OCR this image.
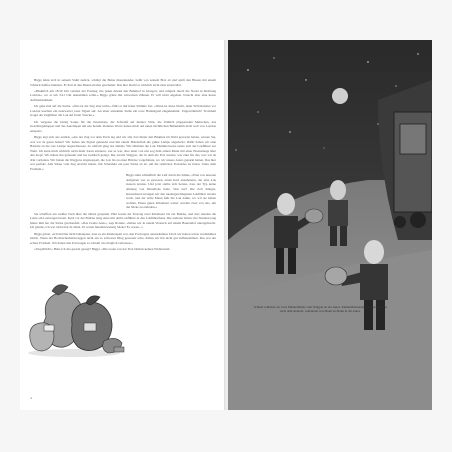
Biggs lehnt sich in seinem Stuhl zurück, schlägt die Beine übereinander, beißt von seinem Brot ab und spült den Bissen mit einem Schluck Kaffee hinunter. Er hört in den Dienst-modus geschaltet. Das hier macht er wirklich nicht zum ersten Mal.

»Pünktlich um 18.50 Uhr verlässt der Postzug wie jeden Abend den Bahnhof in Glasgow und rumpelt durch die Nacht in Richtung London«, wo er um 3.41 Uhr ankommen sollte.« Biggs grinst mit schwarzen Zähnen. Er will nicht angeben, braucht aber eine kurze Aufmerksamkeit.

Ich gehe mal auf die Suche. »Was ist der Zug aber nicht«, fährt er mit leiser Stimme fort. »Wann ist diese Nacht, denn 30 Kilometer vor London leuchtet ein unerwartet rotes Signal auf. An einer einsamen Stelle ein roter Haltesignal eingeklemmt. Ungewöhnlich! Trotzdem stoppt der Zugführer die Lok auf freier Strecke.«

Ich vergesse die hastig Sonne für die Juncktions, die Schweiß auf meiner Stirn, die fröhlich plappernden Menschen, das Geschirrgeklapper und das Autohupen um uns herum. Ronnies Worte haben mich auf einen nächtlichen Bahndamm nicht weit von London entsperrt.

Biggs legt sich aus zurück. »Als der Zug vor dem Tisch lag und wir alle dort hinter den Bäumen im Wald gewartet haben, wissen Sie, was wir da getan haben? Wir haben das Signal geknackt und mit einem Handschuh die grüne Lampe abgedeckt. Dafür haben wir eine Batterie an die rote Lampe angeschlossen. So einfach ging das damals. Wir stürmten die Lok. Dummerweise setzte sich der Lokführer zur Wehr. Ich kann mich wirklich nicht mehr daran erinnern, wer es war, aber einer von uns zog dem armen Mann mit einer Eisenstange über den Kopf. Wir haben ihn gefesselt und ins Gebüsch gelegt. Der zweite Waggon, der in dem die Post steckte, war eher für das, was wir da drin vorhatten. Wir haben die Waggons abgekoppelt, die Lok bis zu einer Brücke vorgefahren, wo wir unsere Autos geparkt hatten. Das hier war perfekt. Alle Säcke vom Zug erreicht haben, mit Schaufeln ein paar Säcke ab ab, um die restlichen Postsäcke zu holen. Unter dem Problem.«

Biggs zieht schließlich die Luft durch die Zähne. »Eine von unseren Aufgaben war es gewesen, einen Kerl anzuheuern, der eine Lok steuern konnte. Und jetzt stellte sich heraus, dass der Typ keine Ahnung von Dieselloks hatte. Was tun? Die Zeit drängte. Kurzerhand zwangen wir den niedergeschlagenen Lokführer wieder wach, und der arme Mann fuhr die Lok dahin, wo wir sie haben wollten. Einen guten Kilometer weiter wurden zwei von uns, um die Säcke zu entladen.«

Sie schafften ein weißes Tuch über die Ohren gespannt. Hier kostet der Postzug zwei Kilometer bis zur Brücke, und dort standen die Leute am Lastwagen bereit. Kurz vor der Brücke stieg einer mit dem Lokführer in den Lokführerhaus. Die anderen haben vier Stunden lang hinter ihm her die Säcke geschaufelt. »Das zweite Auto«, sagt Ronnie, »haben wir in einem Versteck auf einem Bauernhof untergebracht. Ich glaube, ich war nicht mal da dabei. Es waren hundertzwanzig Säcke! Es waren...«

Biggs grinst. »Ich möchte nicht behaupten, dass es ein Kinderspiel war, den Postwagen auszuräumen. Doch wir hatten schon verdammtes Glück. Wenn der Hochsicherheitswaggon nicht ein so schweres Ding gewesen wäre, hätten wir ihn nicht gut aufbekommen. Das war ein echtes Problem. Wir haben den Postwagen so schnell wie möglich verlassen.«

»Vergeltlich!« Habe ich das gerade gesagt? Biggs: »Die Leute von der Post bleiben keinen Widerstand.

4
Schnell schieben wir zwei Männerhände vom Waggon an der Autos. Einhandbetreuung: Postsäcke, einer nach dem anderen, wanderten von Mann zu Mann in die Autos.
